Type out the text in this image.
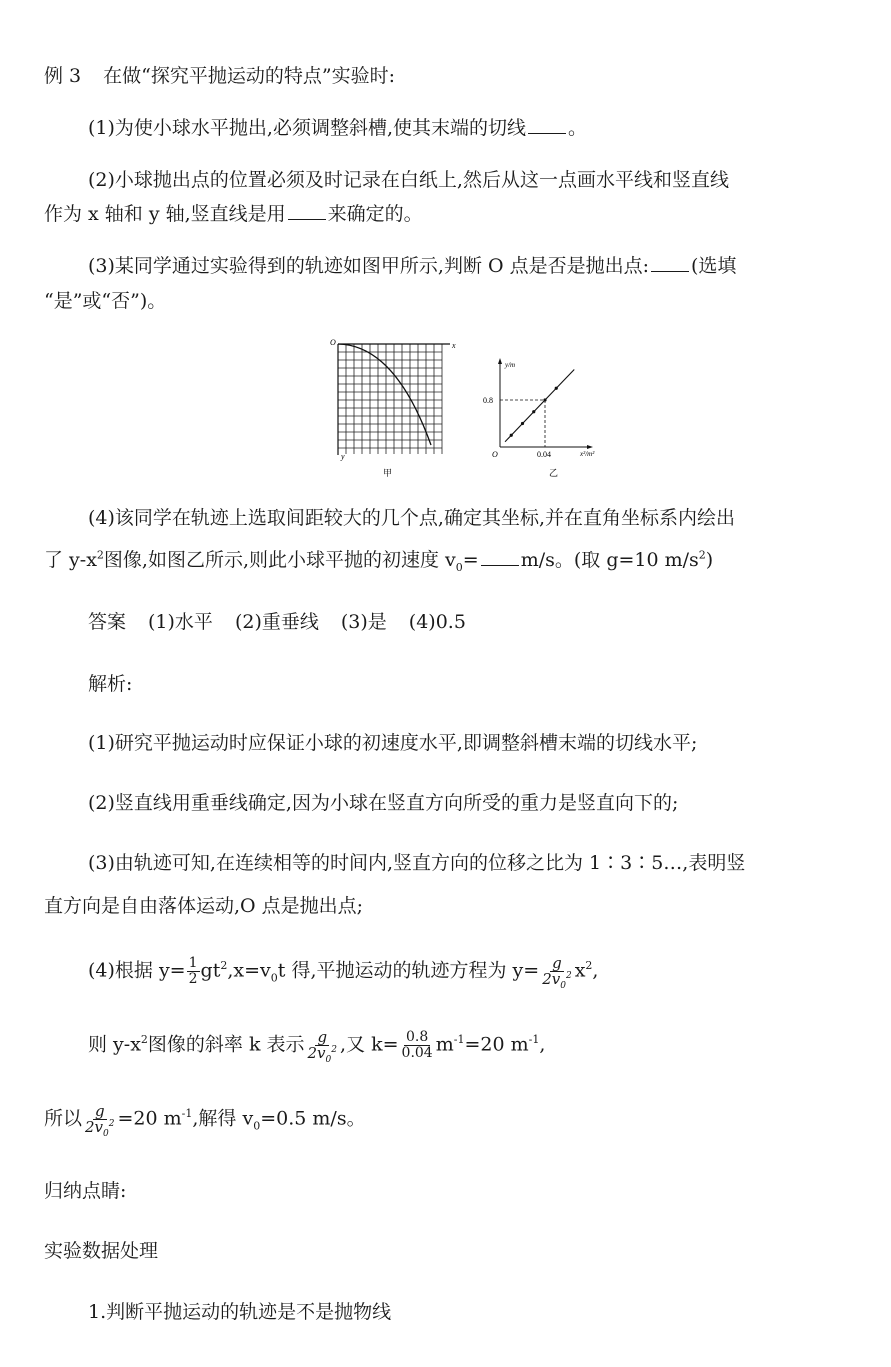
例 3 在做“探究平抛运动的特点”实验时:
(1)为使小球水平抛出,必须调整斜槽,使其末端的切线 。
(2)小球抛出点的位置必须及时记录在白纸上,然后从这一点画水平线和竖直线
作为 x 轴和 y 轴,竖直线是用 来确定的。
(3)某同学通过实验得到的轨迹如图甲所示,判断 O 点是否是抛出点: (选填
“是”或“否”)。
O	x
y
甲
O
y/m
0.8
0.04	x²/m²
乙
(4)该同学在轨迹上选取间距较大的几个点,确定其坐标,并在直角坐标系内绘出
了 $y-x^2$图像,如图乙所示,则此小球平抛的初速度 $v_0= m/s$。(取 g=10 $m/s^2$)
答案 (1)水平 (2)重垂线 (3)是 (4)0.5
解析:
(1)研究平抛运动时应保证小球的初速度水平,即调整斜槽末端的切线水平;
(2)竖直线用重垂线确定,因为小球在竖直方向所受的重力是竖直向下的;
(3)由轨迹可知,在连续相等的时间内,竖直方向的位移之比为 1∶3∶5…,表明竖
直方向是自由落体运动,O 点是抛出点;
(4)根据 $y= \frac{1}{2} gt^2,x=v_0t$ 得,平抛运动的轨迹方程为 $y= \frac{g}{2v_0^2} x^2$,
则 $y-x^2$图像的斜率 k 表示 $\frac{g}{2v_0^2}$ ,又 $k= \frac{0.8}{0.04} m^{-1}=20$ $m^{-1}$,
所以 $\frac{g}{2v_0^2} =20$ $m^{-1}$,解得 $v_0=0.5$ m/s。
归纳点睛:
实验数据处理
1.判断平抛运动的轨迹是不是抛物线
